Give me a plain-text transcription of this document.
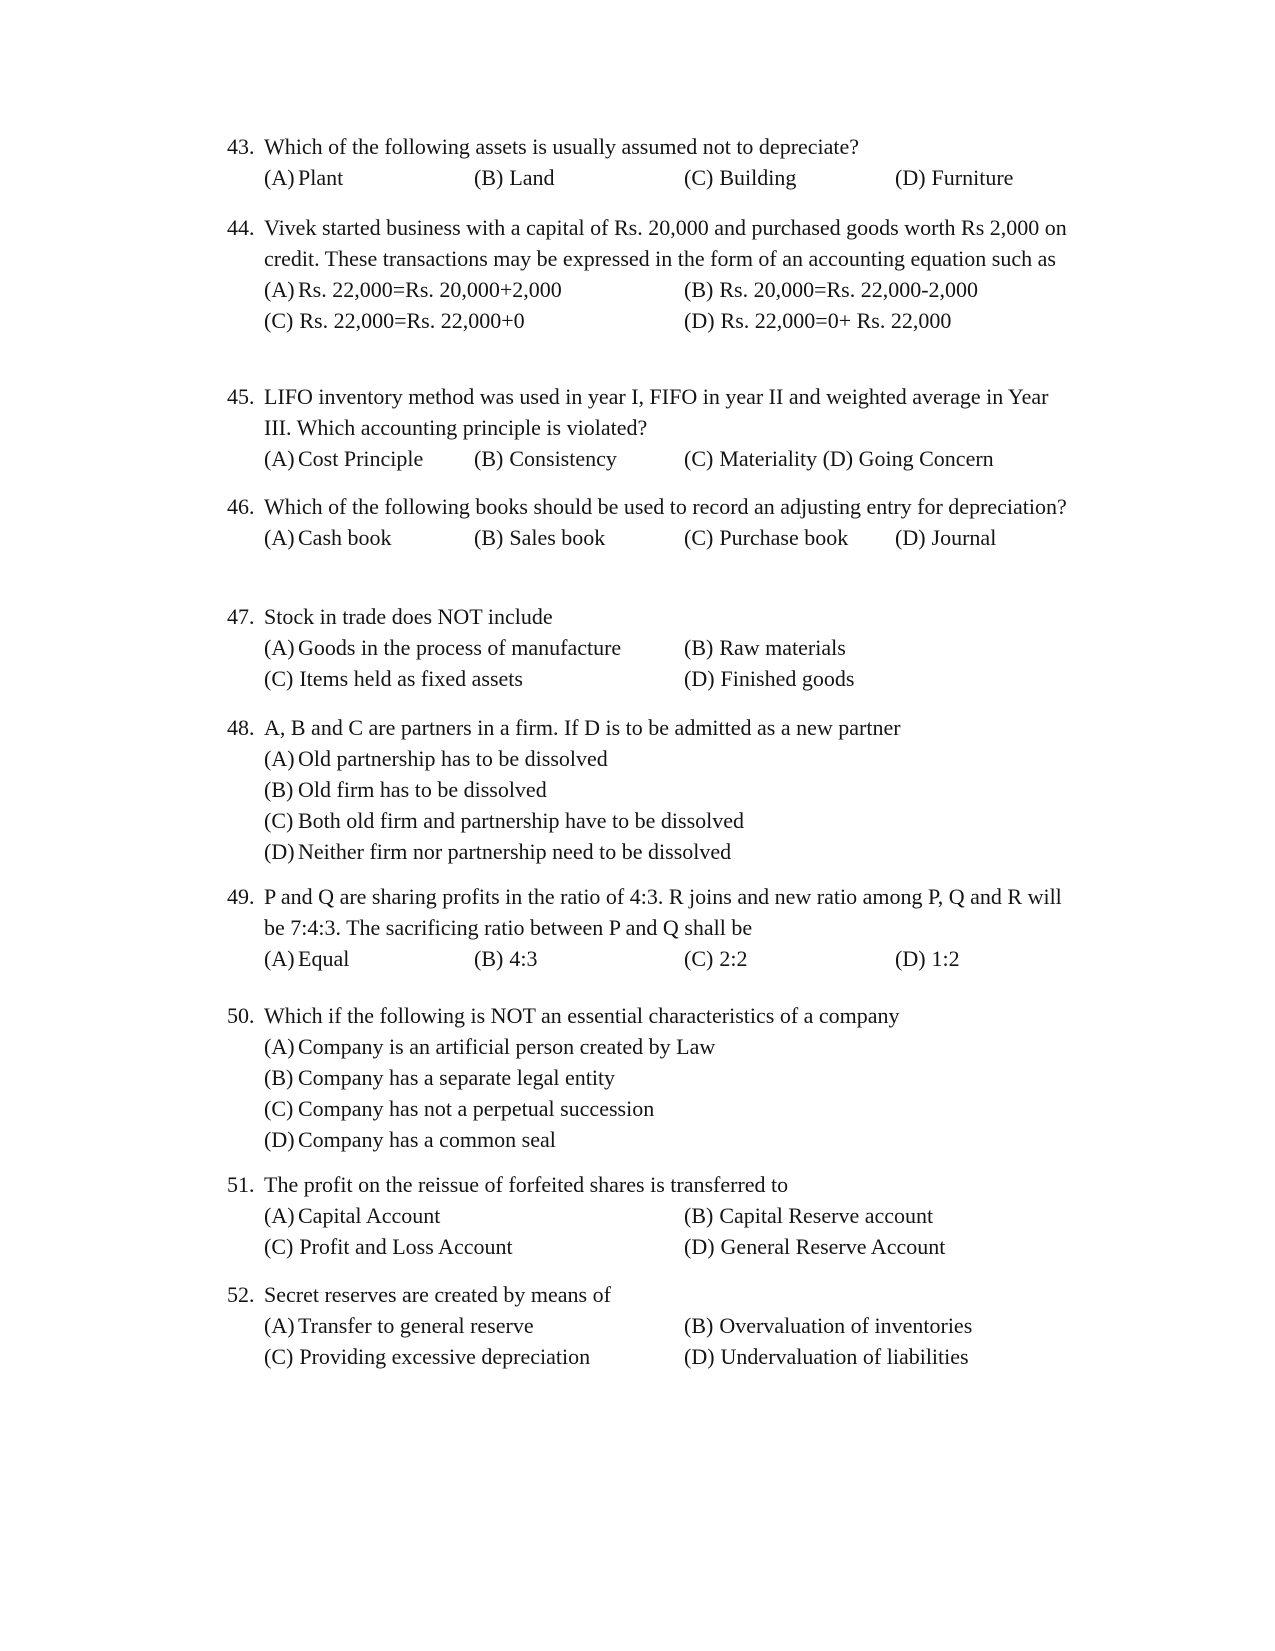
43. Which of the following assets is usually assumed not to depreciate?
(A) Plant	(B) Land	(C) Building	(D) Furniture
44. Vivek started business with a capital of Rs. 20,000 and purchased goods worth Rs 2,000 on credit. These transactions may be expressed in the form of an accounting equation such as
(A) Rs. 22,000=Rs. 20,000+2,000	(B) Rs. 20,000=Rs. 22,000-2,000
(C) Rs. 22,000=Rs. 22,000+0	(D) Rs. 22,000=0+ Rs. 22,000
45. LIFO inventory method was used in year I, FIFO in year II and weighted average in Year III. Which accounting principle is violated?
(A) Cost Principle (B) Consistency	(C) Materiality (D) Going Concern
46. Which of the following books should be used to record an adjusting entry for depreciation?
(A) Cash book	(B) Sales book	(C) Purchase book (D) Journal
47. Stock in trade does NOT include
(A) Goods in the process of manufacture	(B) Raw materials
(C) Items held as fixed assets	(D) Finished goods
48. A, B and C are partners in a firm. If D is to be admitted as a new partner
(A) Old partnership has to be dissolved
(B) Old firm has to be dissolved
(C) Both old firm and partnership have to be dissolved
(D) Neither firm nor partnership need to be dissolved
49. P and Q are sharing profits in the ratio of 4:3. R joins and new ratio among P, Q and R will be 7:4:3. The sacrificing ratio between P and Q shall be
(A) Equal	(B) 4:3	(C) 2:2	(D) 1:2
50. Which if the following is NOT an essential characteristics of a company
(A) Company is an artificial person created by Law
(B) Company has a separate legal entity
(C) Company has not a perpetual succession
(D) Company has a common seal
51. The profit on the reissue of forfeited shares is transferred to
(A) Capital Account	(B) Capital Reserve account
(C) Profit and Loss Account	(D) General Reserve Account
52. Secret reserves are created by means of
(A) Transfer to general reserve	(B) Overvaluation of inventories
(C) Providing excessive depreciation	(D) Undervaluation of liabilities
